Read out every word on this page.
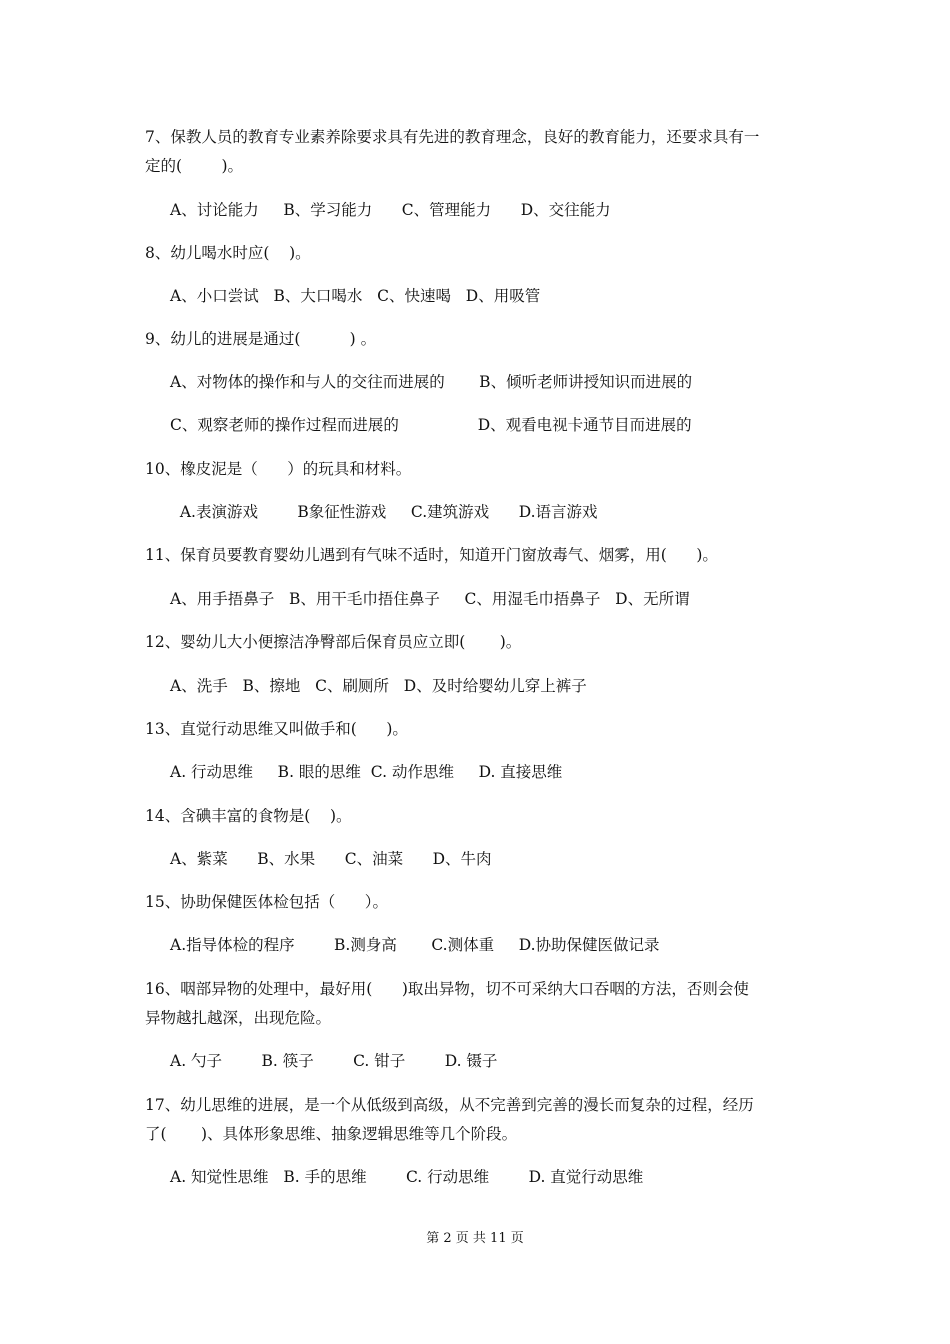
7、保教人员的教育专业素养除要求具有先进的教育理念，良好的教育能力，还要求具有一

定的(        )。

A、讨论能力     B、学习能力      C、管理能力      D、交往能力

8、幼儿喝水时应(    )。

A、小口尝试   B、大口喝水   C、快速喝   D、用吸管

9、幼儿的进展是通过(          ) 。

A、对物体的操作和与人的交往而进展的       B、倾听老师讲授知识而进展的

C、观察老师的操作过程而进展的                D、观看电视卡通节目而进展的

10、橡皮泥是（      ）的玩具和材料。

A.表演游戏        B象征性游戏     C.建筑游戏      D.语言游戏

11、保育员要教育婴幼儿遇到有气味不适时，知道开门窗放毒气、烟雾，用(      )。

A、用手捂鼻子   B、用干毛巾捂住鼻子     C、用湿毛巾捂鼻子   D、无所谓

12、婴幼儿大小便擦洁净臀部后保育员应立即(       )。

A、洗手   B、擦地   C、刷厕所   D、及时给婴幼儿穿上裤子

13、直觉行动思维又叫做手和(      )。

A. 行动思维     B. 眼的思维  C. 动作思维     D. 直接思维

14、含碘丰富的食物是(    )。

A、紫菜      B、水果      C、油菜      D、牛肉

15、协助保健医体检包括（      ）。

A.指导体检的程序        B.测身高       C.测体重     D.协助保健医做记录

16、咽部异物的处理中，最好用(      )取出异物，切不可采纳大口吞咽的方法，否则会使

异物越扎越深，出现危险。

A. 勺子        B. 筷子        C. 钳子        D. 镊子

17、幼儿思维的进展，是一个从低级到高级，从不完善到完善的漫长而复杂的过程，经历

了(       )、具体形象思维、抽象逻辑思维等几个阶段。

A. 知觉性思维   B. 手的思维        C. 行动思维        D. 直觉行动思维

第 2 页 共 11 页
